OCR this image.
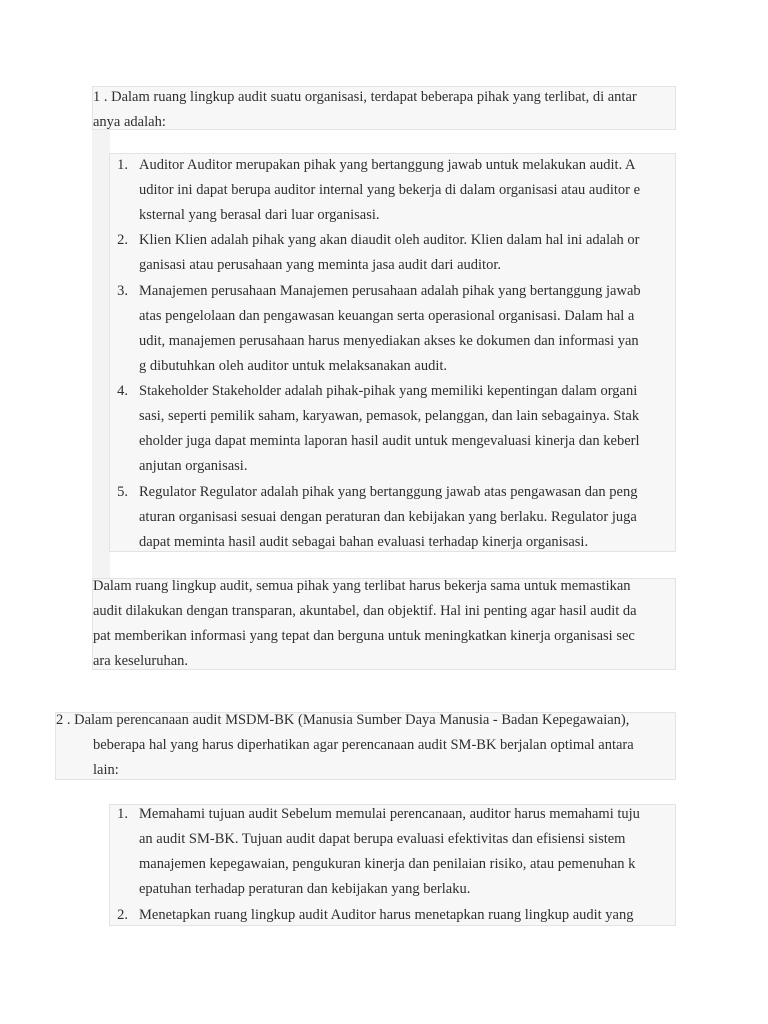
1 . Dalam ruang lingkup audit suatu organisasi, terdapat beberapa pihak yang terlibat, di antar
anya adalah:
1. Auditor Auditor merupakan pihak yang bertanggung jawab untuk melakukan audit. A
uditor ini dapat berupa auditor internal yang bekerja di dalam organisasi atau auditor e
ksternal yang berasal dari luar organisasi.
2. Klien Klien adalah pihak yang akan diaudit oleh auditor. Klien dalam hal ini adalah or
ganisasi atau perusahaan yang meminta jasa audit dari auditor.
3. Manajemen perusahaan Manajemen perusahaan adalah pihak yang bertanggung jawab
atas pengelolaan dan pengawasan keuangan serta operasional organisasi. Dalam hal a
udit, manajemen perusahaan harus menyediakan akses ke dokumen dan informasi yan
g dibutuhkan oleh auditor untuk melaksanakan audit.
4. Stakeholder Stakeholder adalah pihak-pihak yang memiliki kepentingan dalam organi
sasi, seperti pemilik saham, karyawan, pemasok, pelanggan, dan lain sebagainya. Stak
eholder juga dapat meminta laporan hasil audit untuk mengevaluasi kinerja dan keberl
anjutan organisasi.
5. Regulator Regulator adalah pihak yang bertanggung jawab atas pengawasan dan peng
aturan organisasi sesuai dengan peraturan dan kebijakan yang berlaku. Regulator juga
dapat meminta hasil audit sebagai bahan evaluasi terhadap kinerja organisasi.
Dalam ruang lingkup audit, semua pihak yang terlibat harus bekerja sama untuk memastikan
audit dilakukan dengan transparan, akuntabel, dan objektif. Hal ini penting agar hasil audit da
pat memberikan informasi yang tepat dan berguna untuk meningkatkan kinerja organisasi sec
ara keseluruhan.
2 . Dalam perencanaan audit MSDM-BK (Manusia Sumber Daya Manusia - Badan Kepegawaian),
beberapa hal yang harus diperhatikan agar perencanaan audit SM-BK berjalan optimal antara
lain:
1. Memahami tujuan audit Sebelum memulai perencanaan, auditor harus memahami tuju
an audit SM-BK. Tujuan audit dapat berupa evaluasi efektivitas dan efisiensi sistem
manajemen kepegawaian, pengukuran kinerja dan penilaian risiko, atau pemenuhan k
epatuhan terhadap peraturan dan kebijakan yang berlaku.
2. Menetapkan ruang lingkup audit Auditor harus menetapkan ruang lingkup audit yang
